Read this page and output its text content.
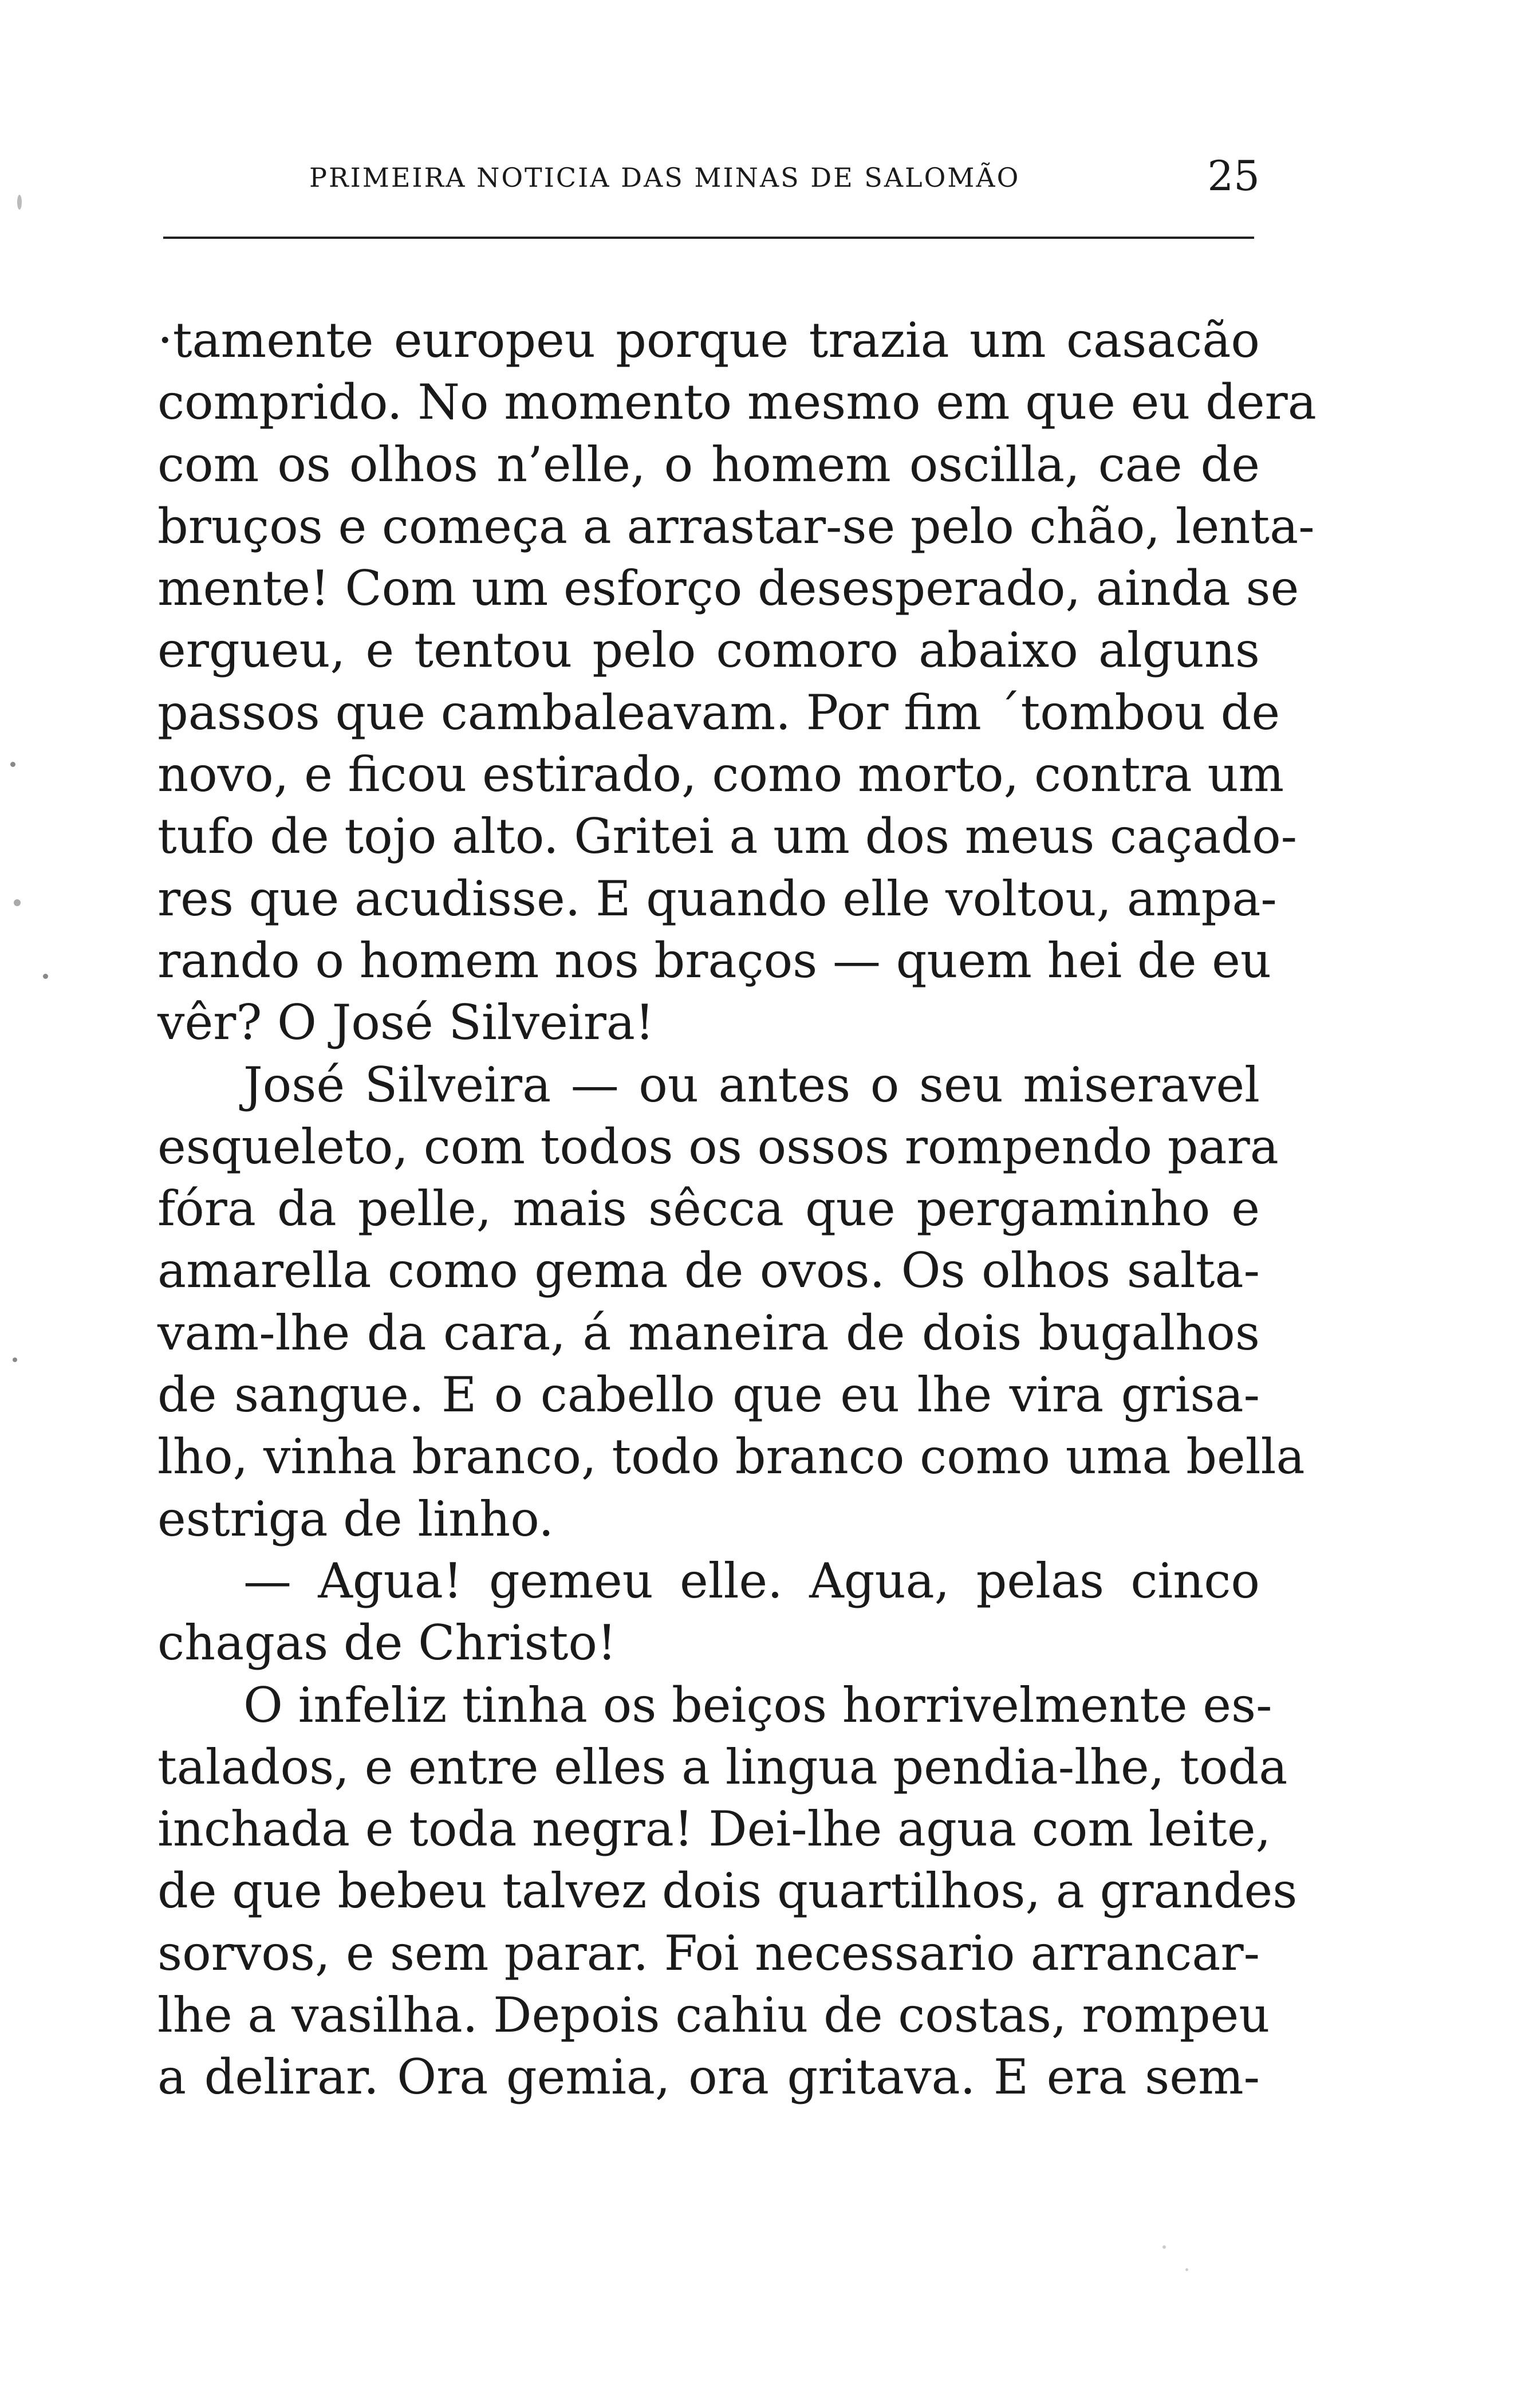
PRIMEIRA NOTICIA DAS MINAS DE SALOMÃO	25
·tamente europeu porque trazia um casacão
comprido. No momento mesmo em que eu dera
com os olhos n’elle, o homem oscilla, cae de
bruços e começa a arrastar-se pelo chão, lenta-
mente! Com um esforço desesperado, ainda se
ergueu, e tentou pelo comoro abaixo alguns
passos que cambaleavam. Por fim ´tombou de
novo, e ficou estirado, como morto, contra um
tufo de tojo alto. Gritei a um dos meus caçado-
res que acudisse. E quando elle voltou, ampa-
rando o homem nos braços — quem hei de eu
vêr? O José Silveira!
José Silveira — ou antes o seu miseravel
esqueleto, com todos os ossos rompendo para
fóra da pelle, mais sêcca que pergaminho e
amarella como gema de ovos. Os olhos salta-
vam-lhe da cara, á maneira de dois bugalhos
de sangue. E o cabello que eu lhe vira grisa-
lho, vinha branco, todo branco como uma bella
estriga de linho.
— Agua! gemeu elle. Agua, pelas cinco
chagas de Christo!
O infeliz tinha os beiços horrivelmente es-
talados, e entre elles a lingua pendia-lhe, toda
inchada e toda negra! Dei-lhe agua com leite,
de que bebeu talvez dois quartilhos, a grandes
sorvos, e sem parar. Foi necessario arrancar-
lhe a vasilha. Depois cahiu de costas, rompeu
a delirar. Ora gemia, ora gritava. E era sem-
